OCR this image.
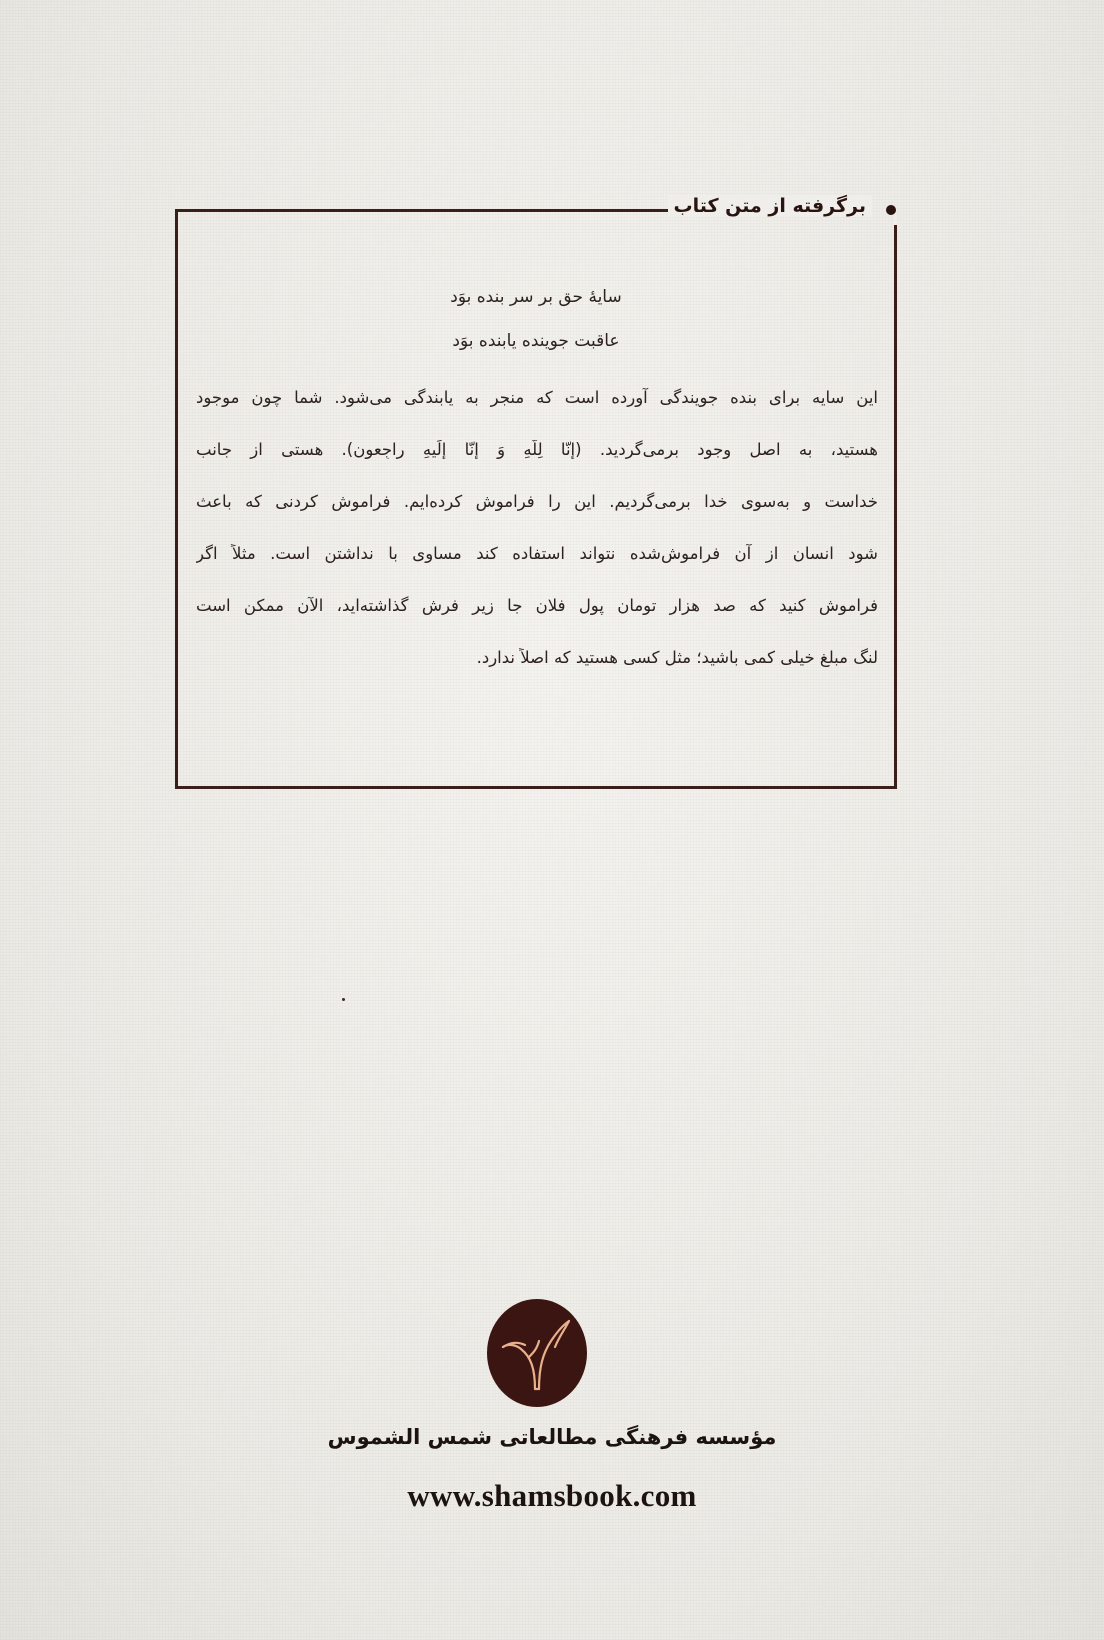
برگرفته از متن کتاب
سایۀ حق بر سر بنده بوَد
عاقبت جوینده یابنده بوَد
این سایه برای بنده جویندگی آورده است که منجر به یابندگی می‌شود. شما چون موجود
هستید، به اصل وجود برمی‌گردید. (إنّا لِلّهِ وَ إنّا إلَیهِ راجِعون). هستی از جانب
خداست و به‌سوی خدا برمی‌گردیم. این را فراموش کرده‌ایم. فراموش کردنی که باعث
شود انسان از آن فراموش‌شده نتواند استفاده کند مساوی با نداشتن است. مثلاً اگر
فراموش کنید که صد هزار تومان پول فلان جا زیر فرش گذاشته‌اید، الآن ممکن است
لنگ مبلغ خیلی کمی باشید؛ مثل کسی هستید که اصلاً ندارد.
مؤسسه فرهنگی مطالعاتی شمس الشموس
www.shamsbook.com
